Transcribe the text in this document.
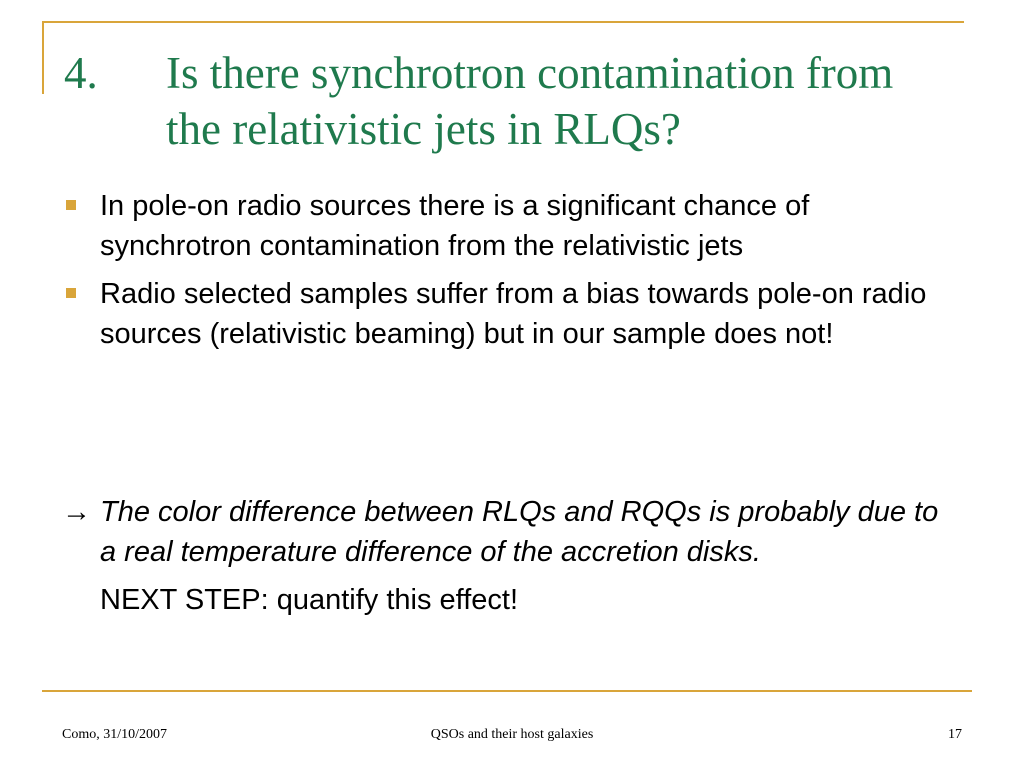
4. Is there synchrotron contamination from the relativistic jets in RLQs?
In pole-on radio sources there is a significant chance of synchrotron contamination from the relativistic jets
Radio selected samples suffer from a bias towards pole-on radio sources (relativistic beaming) but in our sample does not!
→ The color difference between RLQs and RQQs is probably due to a real temperature difference of the accretion disks.
NEXT STEP: quantify this effect!
Como, 31/10/2007	QSOs and their host galaxies	17
